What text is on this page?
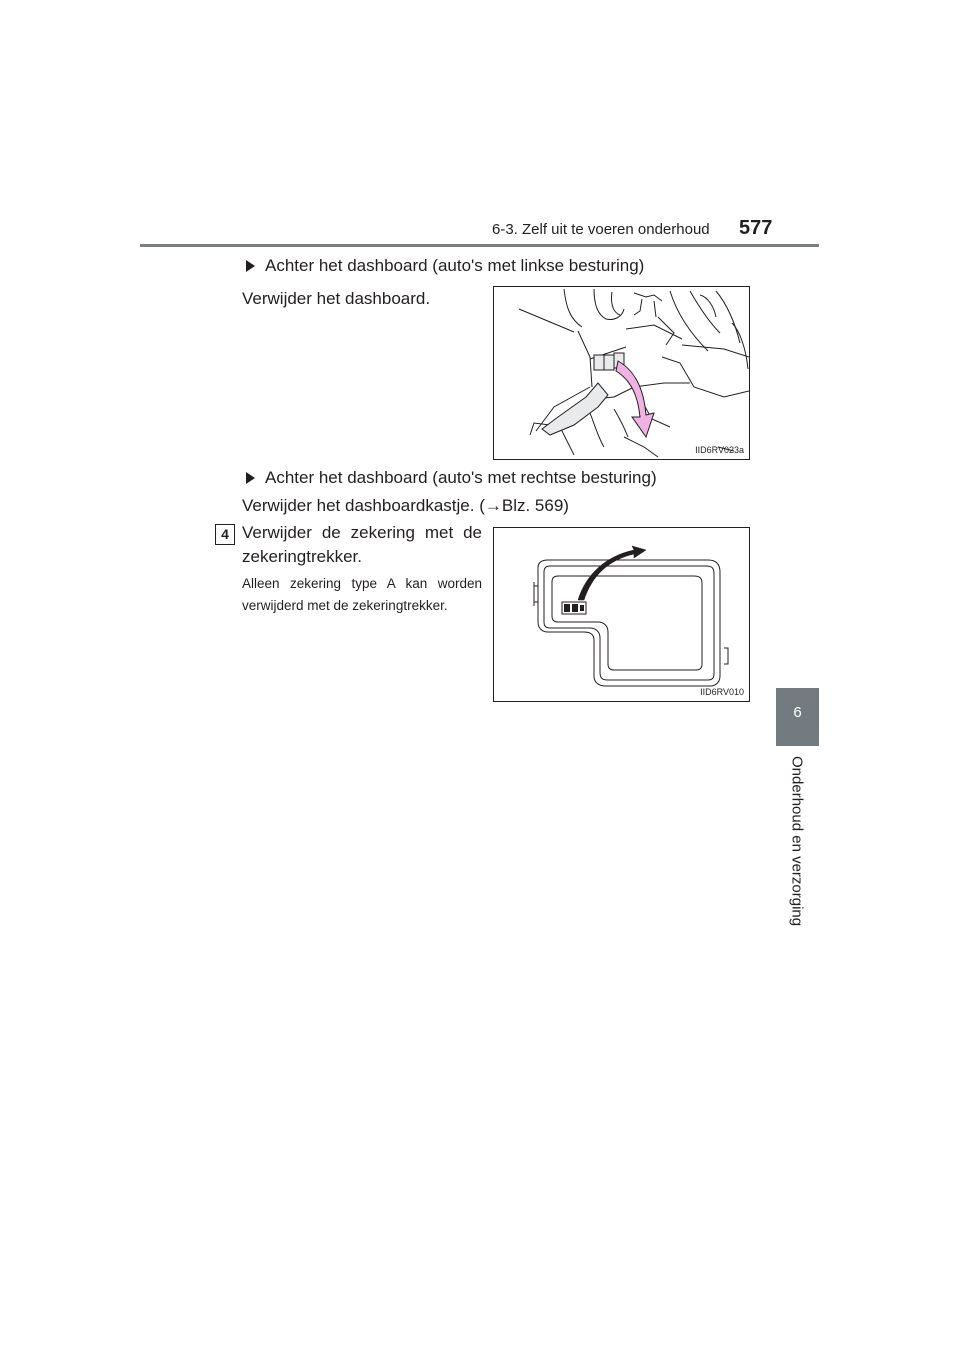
6-3. Zelf uit te voeren onderhoud 577
6
Onderhoud en verzorging
Achter het dashboard (auto's met linkse besturing)
Verwijder het dashboard.
IID6RV023a
Achter het dashboard (auto's met rechtse besturing)
Verwijder het dashboardkastje. (→Blz. 569)
4 Verwijder de zekering met de zekeringtrekker.
Alleen zekering type A kan worden verwijderd met de zekeringtrekker.
IID6RV010
